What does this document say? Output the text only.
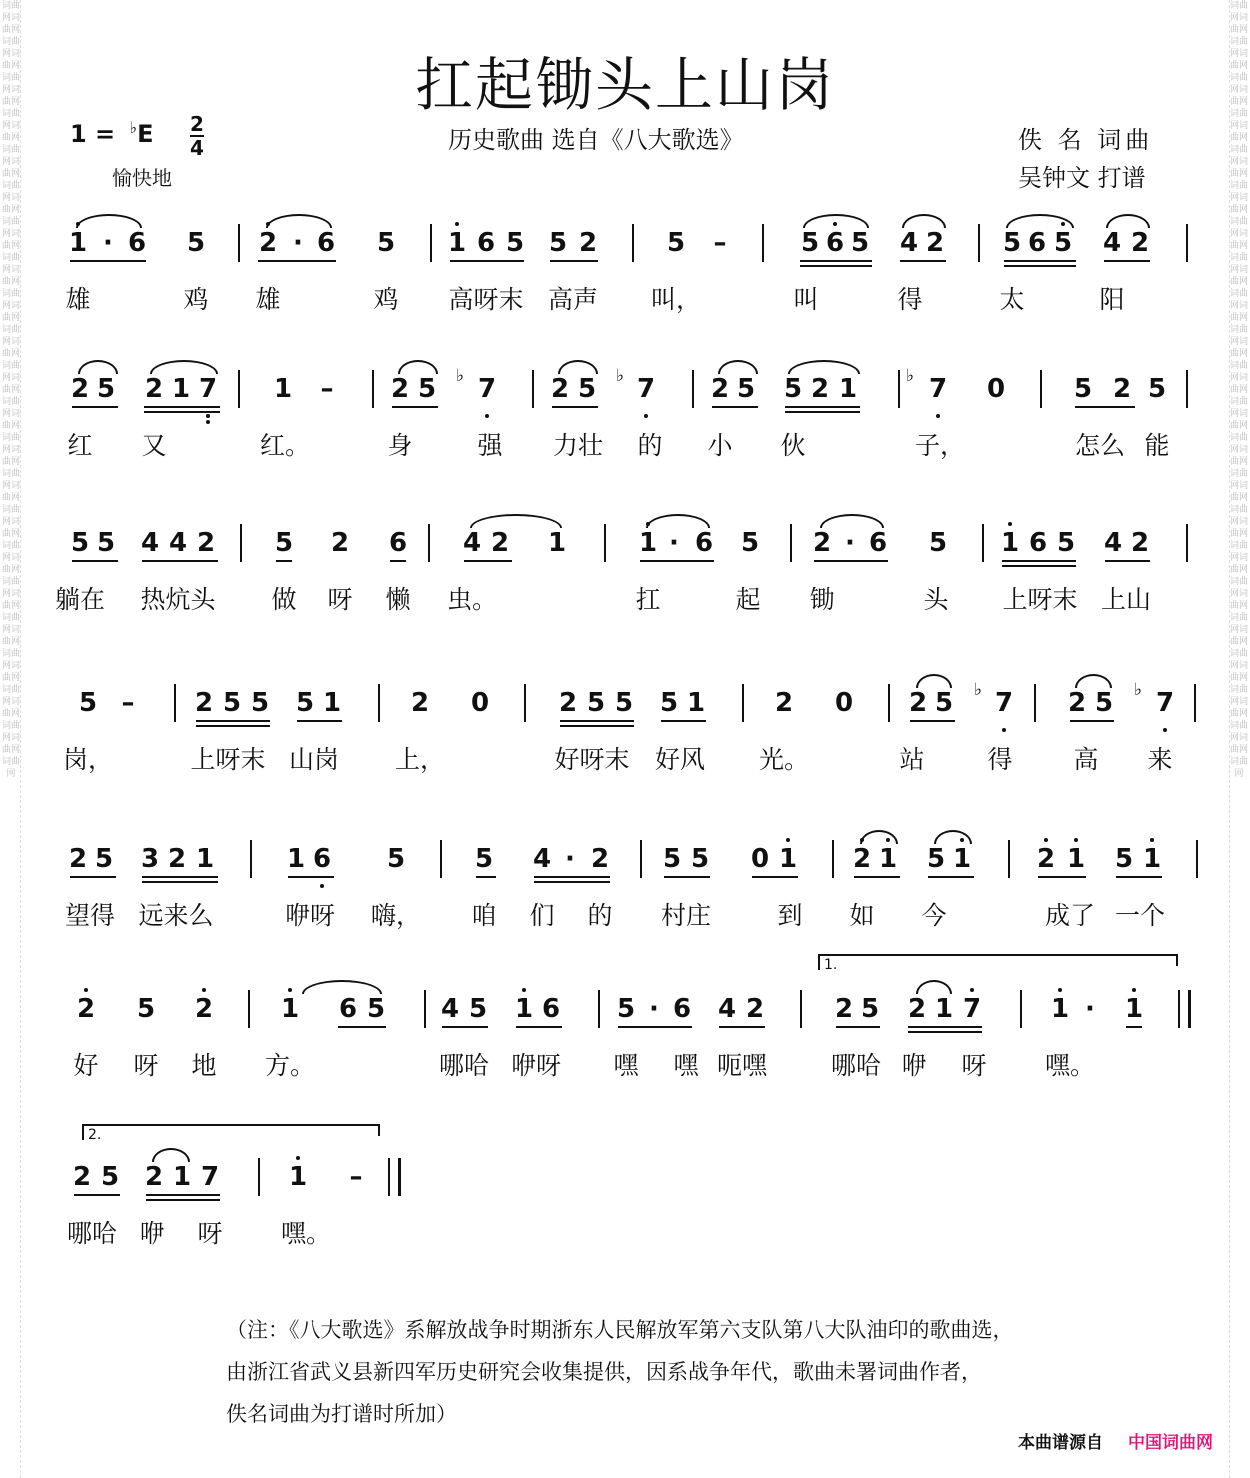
词曲网词曲网词曲网词曲网词曲网词曲网词曲网词曲网词曲网词曲网词曲网词曲网词曲网词曲网词曲网词曲网词曲网词曲网词曲网词曲网词曲网词曲网词曲网词曲网词曲网词曲网词曲网词曲网词曲网词曲网词曲网词曲网词曲网词曲网词曲网词曲网词曲网词曲网词曲网词曲网词曲网词曲网词曲网
词曲网词曲网词曲网词曲网词曲网词曲网词曲网词曲网词曲网词曲网词曲网词曲网词曲网词曲网词曲网词曲网词曲网词曲网词曲网词曲网词曲网词曲网词曲网词曲网词曲网词曲网词曲网词曲网词曲网词曲网词曲网词曲网词曲网词曲网词曲网词曲网词曲网词曲网词曲网词曲网词曲网词曲网词曲网
扛起锄头上山岗
1 = ♭E 2
4
愉快地
历史歌曲 选自《八大歌选》	佚 名 词曲
吴钟文 打谱
1 · 6 5 2 · 6 5 1 6 5 5 2	5 –	5 6 5 4 2 5 6 5 4 2
雄	鸡 雄	鸡 高呀末 高声 叫，	叫	得	太	阳
2 5 2 1 7 1 – 2 5 ♭ 7 2 5 ♭ 7 2 5 5 2 1	♭ 7 0	5 2 5
红 又	红。	身	强 力壮 的 小 伙	子，	怎么 能
5 5 4 4 2 5 2 6 4 2 1	1 · 6 5 2 · 6 5 1 6 5 4 2
躺在 热炕头 做 呀 懒 虫。	扛	起 锄	头 上呀末 上山
5 – 2 5 5 5 1	2 0	2 5 5 5 1	2 0 2 5 ♭ 7 2 5 ♭ 7
岗，	上呀末 山岗 上，	好呀末 好风 光。	站	得 高 来
2 5 3 2 1	1 6 5	5 4 · 2 5 5 0 1 2 1 5 1	2 1 5 1
望得 远来么	咿呀 嗨， 咱 们 的 村庄	到 如 今	成了 一个
2 5 2	1 6 5 4 5 1 6 5 · 6 4 2	2 5 2 1 7	1 · 1
好 呀 地 方。	哪哈 咿呀 嘿 嘿 呃嘿	哪哈 咿 呀 嘿。
1.
2 5 2 1 7	1 –
哪哈 咿 呀 嘿。
2.
（注：《八大歌选》系解放战争时期浙东人民解放军第六支队第八大队油印的歌曲选，
由浙江省武义县新四军历史研究会收集提供，因系战争年代，歌曲未署词曲作者，
佚名词曲为打谱时所加）
本曲谱源自 中国词曲网
